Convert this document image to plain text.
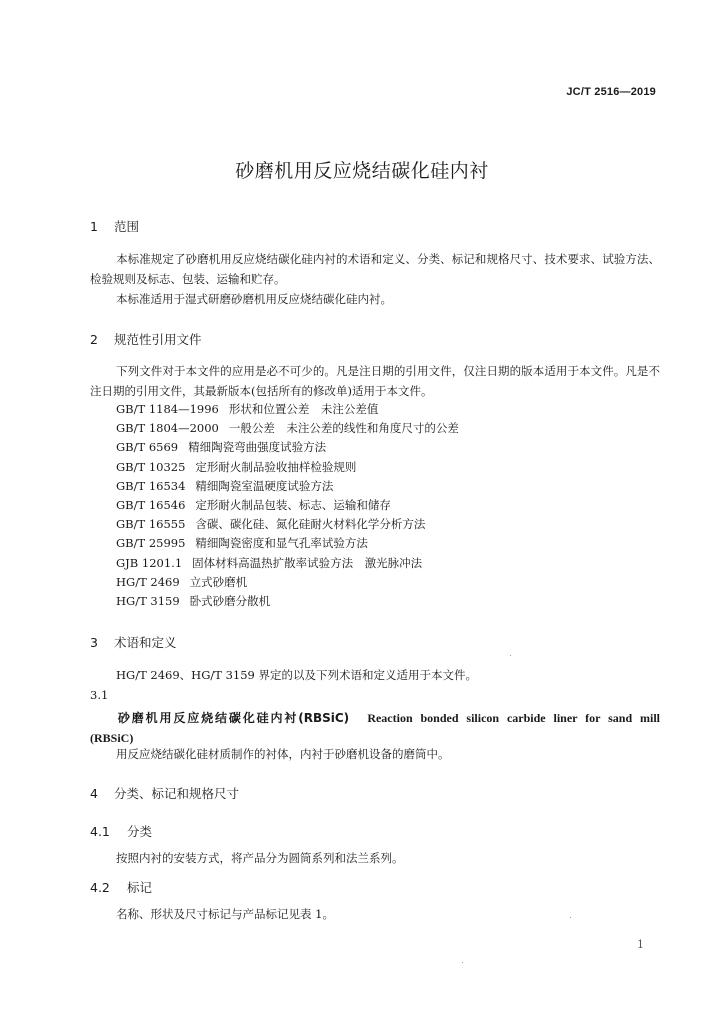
JC/T 2516—2019
砂磨机用反应烧结碳化硅内衬
1 范围
本标准规定了砂磨机用反应烧结碳化硅内衬的术语和定义、分类、标记和规格尺寸、技术要求、试验方法、检验规则及标志、包装、运输和贮存。
本标准适用于湿式研磨砂磨机用反应烧结碳化硅内衬。
2 规范性引用文件
下列文件对于本文件的应用是必不可少的。凡是注日期的引用文件，仅注日期的版本适用于本文件。凡是不注日期的引用文件，其最新版本(包括所有的修改单)适用于本文件。
GB/T 1184—1996 形状和位置公差　未注公差值
GB/T 1804—2000 一般公差　未注公差的线性和角度尺寸的公差
GB/T 6569 精细陶瓷弯曲强度试验方法
GB/T 10325 定形耐火制品验收抽样检验规则
GB/T 16534 精细陶瓷室温硬度试验方法
GB/T 16546 定形耐火制品包装、标志、运输和储存
GB/T 16555 含碳、碳化硅、氮化硅耐火材料化学分析方法
GB/T 25995 精细陶瓷密度和显气孔率试验方法
GJB 1201.1 固体材料高温热扩散率试验方法　激光脉冲法
HG/T 2469 立式砂磨机
HG/T 3159 卧式砂磨分散机
3 术语和定义
HG/T 2469、HG/T 3159 界定的以及下列术语和定义适用于本文件。
3.1
砂磨机用反应烧结碳化硅内衬(RBSiC) Reaction bonded silicon carbide liner for sand mill (RBSiC)
用反应烧结碳化硅材质制作的衬体，内衬于砂磨机设备的磨筒中。
4 分类、标记和规格尺寸
4.1 分类
按照内衬的安装方式，将产品分为圆筒系列和法兰系列。
4.2 标记
名称、形状及尺寸标记与产品标记见表 1。
1
